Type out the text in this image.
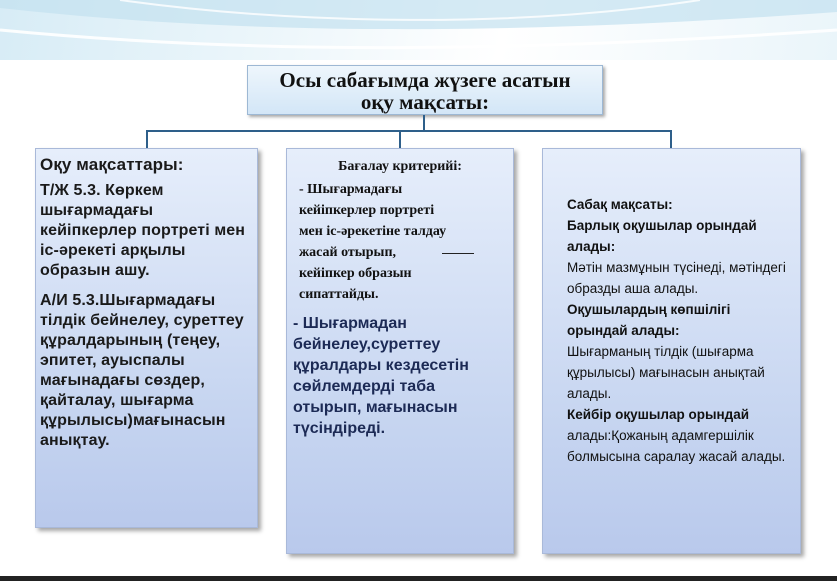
Осы сабағымда жүзеге асатын
оқу мақсаты:

Оқу мақсаттары:

Т/Ж 5.3. Көркем шығармадағы кейіпкерлер портреті мен іс-әрекеті арқылы образын ашу.

А/И 5.3.Шығармадағы тілдік бейнелеу, суреттеу құралдарының (теңеу, эпитет, ауыспалы мағынадағы сөздер, қайталау, шығарма құрылысы)мағынасын анықтау.

Бағалау критерийі:

- Шығармадағы

кейіпкерлер портреті

мен іс-әрекетіне талдау

жасай отырып,

кейіпкер образын

сипаттайды.

- Шығармадан бейнелеу,суреттеу құралдары кездесетін сөйлемдерді таба отырып, мағынасын түсіндіреді.

Сабақ мақсаты:

Барлық оқушылар орындай алады:

Мәтін мазмұнын түсінеді, мәтіндегі образды аша алады.

Оқушылардың көпшілігі орындай алады:

Шығарманың тілдік (шығарма құрылысы) мағынасын анықтай алады.

Кейбір оқушылар орындай

алады:Қожаның адамгершілік болмысына саралау жасай алады.
